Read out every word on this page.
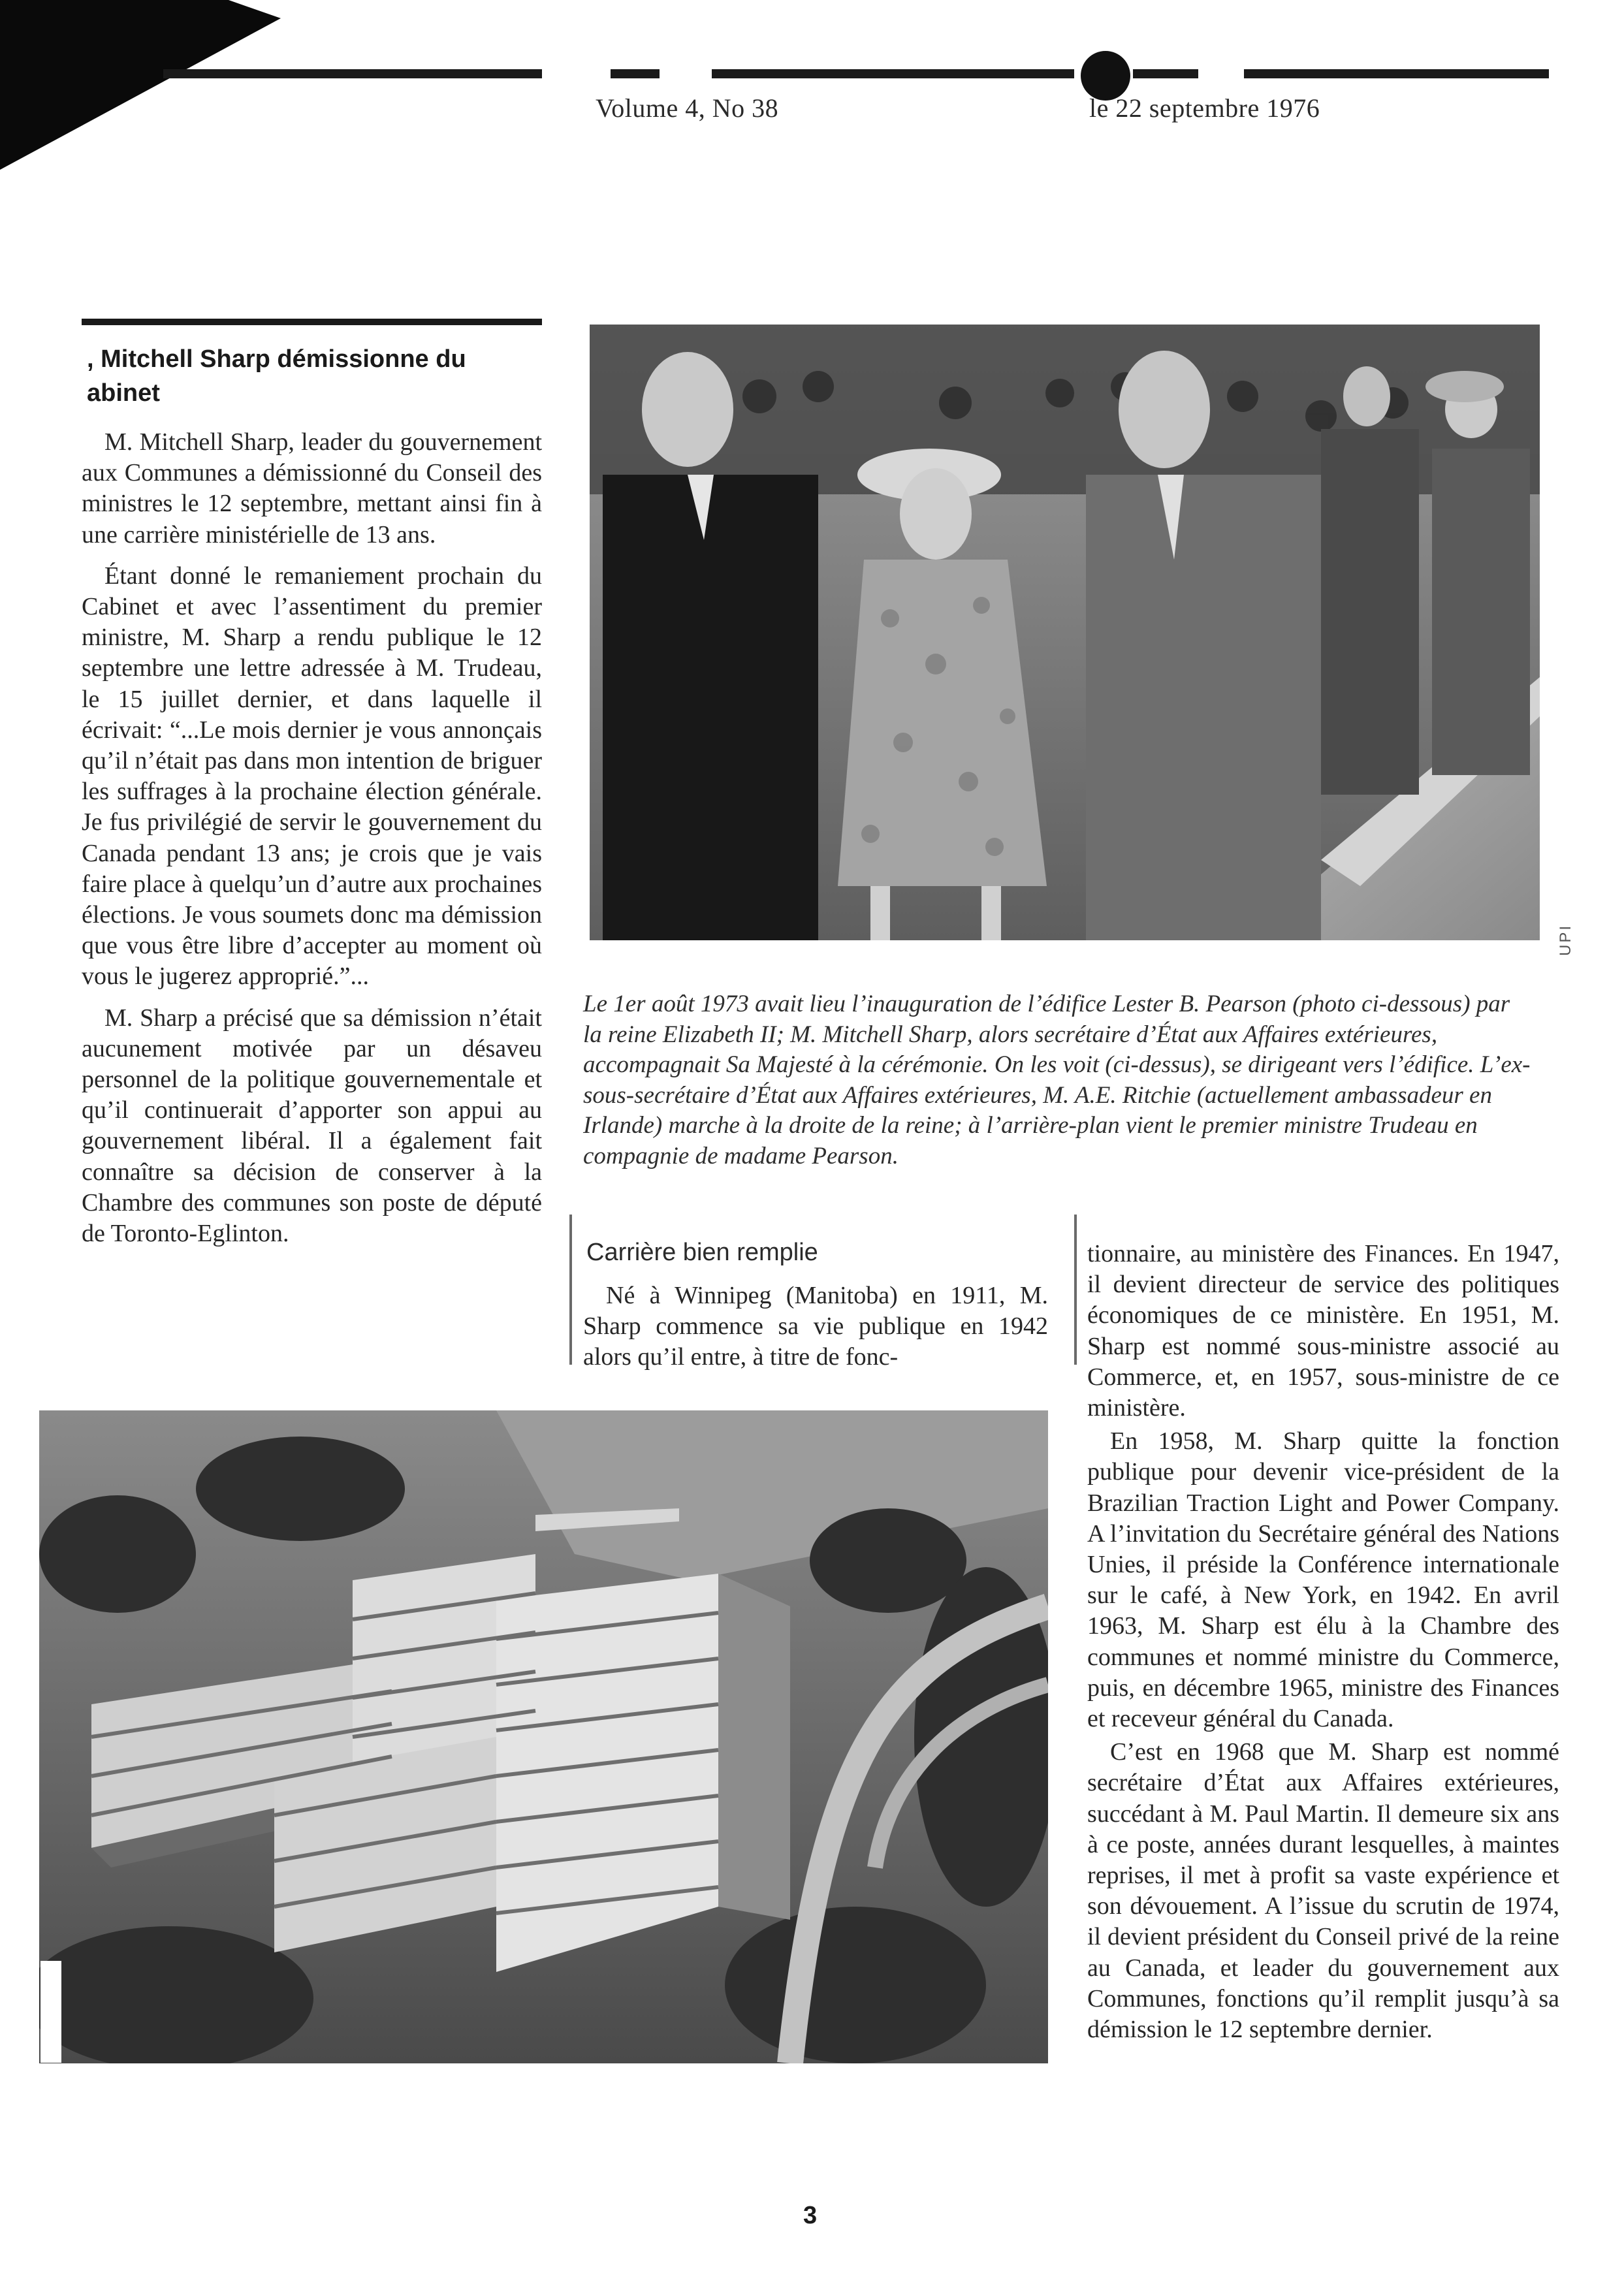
Volume 4, No 38	le 22 septembre 1976
, Mitchell Sharp démissionne du
abinet

M. Mitchell Sharp, leader du gouvernement aux Communes a démissionné du Conseil des ministres le 12 septembre, mettant ainsi fin à une carrière ministérielle de 13 ans.

Étant donné le remaniement prochain du Cabinet et avec l’assentiment du premier ministre, M. Sharp a rendu publique le 12 septembre une lettre adressée à M. Trudeau, le 15 juillet dernier, et dans laquelle il écrivait: “...Le mois dernier je vous annonçais qu’il n’était pas dans mon intention de briguer les suffrages à la prochaine élection générale. Je fus privilégié de servir le gouvernement du Canada pendant 13 ans; je crois que je vais faire place à quelqu’un d’autre aux prochaines élections. Je vous soumets donc ma démission que vous être libre d’accepter au moment où vous le jugerez approprié.”...

M. Sharp a précisé que sa démission n’était aucunement motivée par un désaveu personnel de la politique gouvernementale et qu’il continuerait d’apporter son appui au gouvernement libéral. Il a également fait connaître sa décision de conserver à la Chambre des communes son poste de député de Toronto-Eglinton.

UPI
Le 1er août 1973 avait lieu l’inauguration de l’édifice Lester B. Pearson (photo ci-dessous) par la reine Elizabeth II; M. Mitchell Sharp, alors secrétaire d’État aux Affaires extérieures, accompagnait Sa Majesté à la cérémonie. On les voit (ci-dessus), se dirigeant vers l’édifice. L’ex-sous-secrétaire d’État aux Affaires extérieures, M. A.E. Ritchie (actuellement ambassadeur en Irlande) marche à la droite de la reine; à l’arrière-plan vient le premier ministre Trudeau en compagnie de madame Pearson.
Carrière bien remplie
Né à Winnipeg (Manitoba) en 1911, M. Sharp commence sa vie publique en 1942 alors qu’il entre, à titre de fonc-
tionnaire, au ministère des Finances. En 1947, il devient directeur de service des politiques économiques de ce ministère. En 1951, M. Sharp est nommé sous-ministre associé au Commerce, et, en 1957, sous-ministre de ce ministère.
En 1958, M. Sharp quitte la fonction publique pour devenir vice-président de la Brazilian Traction Light and Power Company. A l’invitation du Secrétaire général des Nations Unies, il préside la Conférence internationale sur le café, à New York, en 1942. En avril 1963, M. Sharp est élu à la Chambre des communes et nommé ministre du Commerce, puis, en décembre 1965, ministre des Finances et receveur général du Canada.
C’est en 1968 que M. Sharp est nommé secrétaire d’État aux Affaires extérieures, succédant à M. Paul Martin. Il demeure six ans à ce poste, années durant lesquelles, à maintes reprises, il met à profit sa vaste expérience et son dévouement. A l’issue du scrutin de 1974, il devient président du Conseil privé de la reine au Canada, et leader du gouvernement aux Communes, fonctions qu’il remplit jusqu’à sa démission le 12 septembre dernier.
3
